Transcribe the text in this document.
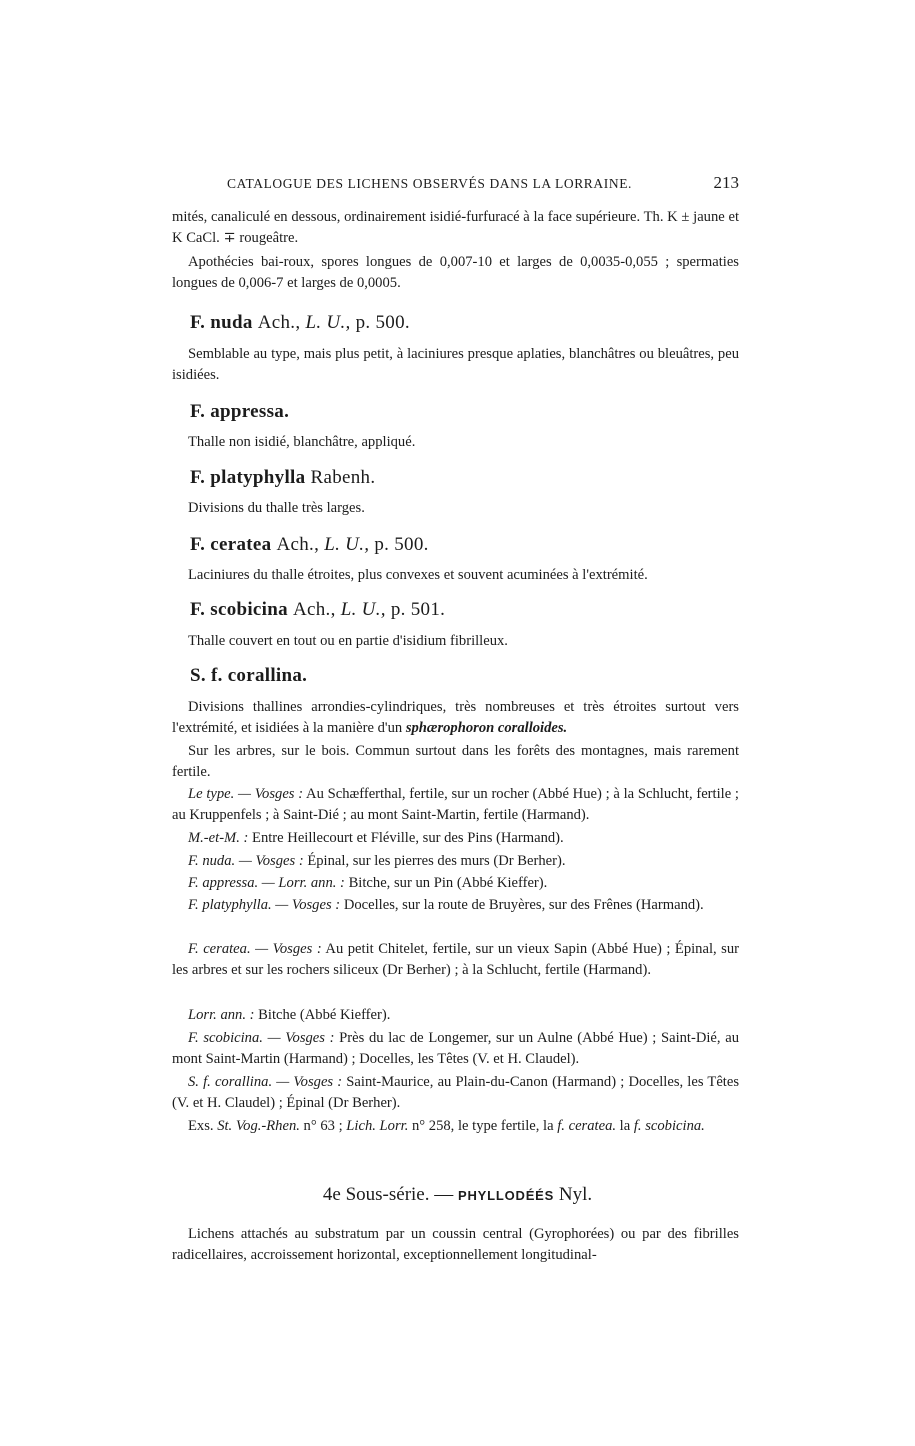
CATALOGUE DES LICHENS OBSERVÉS DANS LA LORRAINE.	213
mités, canaliculé en dessous, ordinairement isidié-furfuracé à la face supérieure. Th. K ± jaune et K CaCl. ∓ rougeâtre.
Apothécies bai-roux, spores longues de 0,007-10 et larges de 0,0035-0,055 ; spermaties longues de 0,006-7 et larges de 0,0005.
F. nuda Ach., L. U., p. 500.
Semblable au type, mais plus petit, à laciniures presque aplaties, blanchâtres ou bleuâtres, peu isidiées.
F. appressa.
Thalle non isidié, blanchâtre, appliqué.
F. platyphylla Rabenh.
Divisions du thalle très larges.
F. ceratea Ach., L. U., p. 500.
Laciniures du thalle étroites, plus convexes et souvent acuminées à l'extrémité.
F. scobicina Ach., L. U., p. 501.
Thalle couvert en tout ou en partie d'isidium fibrilleux.
S. f. corallina.
Divisions thallines arrondies-cylindriques, très nombreuses et très étroites surtout vers l'extrémité, et isidiées à la manière d'un sphærophoron coralloides.
Sur les arbres, sur le bois. Commun surtout dans les forêts des montagnes, mais rarement fertile.
Le type. — Vosges : Au Schæfferthal, fertile, sur un rocher (Abbé Hue) ; à la Schlucht, fertile ; au Kruppenfels ; à Saint-Dié ; au mont Saint-Martin, fertile (Harmand).
M.-et-M. : Entre Heillecourt et Fléville, sur des Pins (Harmand).
F. nuda. — Vosges : Épinal, sur les pierres des murs (Dr Berher).
F. appressa. — Lorr. ann. : Bitche, sur un Pin (Abbé Kieffer).
F. platyphylla. — Vosges : Docelles, sur la route de Bruyères, sur des Frênes (Harmand).
F. ceratea. — Vosges : Au petit Chitelet, fertile, sur un vieux Sapin (Abbé Hue) ; Épinal, sur les arbres et sur les rochers siliceux (Dr Berher) ; à la Schlucht, fertile (Harmand).
Lorr. ann. : Bitche (Abbé Kieffer).
F. scobicina. — Vosges : Près du lac de Longemer, sur un Aulne (Abbé Hue) ; Saint-Dié, au mont Saint-Martin (Harmand) ; Docelles, les Têtes (V. et H. Claudel).
S. f. corallina. — Vosges : Saint-Maurice, au Plain-du-Canon (Harmand) ; Docelles, les Têtes (V. et H. Claudel) ; Épinal (Dr Berher).
Exs. St. Vog.-Rhen. n° 63 ; Lich. Lorr. n° 258, le type fertile, la f. ceratea. la f. scobicina.
4e Sous-série. — PHYLLODÉÉS Nyl.
Lichens attachés au substratum par un coussin central (Gyrophorées) ou par des fibrilles radicellaires, accroissement horizontal, exceptionnellement longitudinal-
